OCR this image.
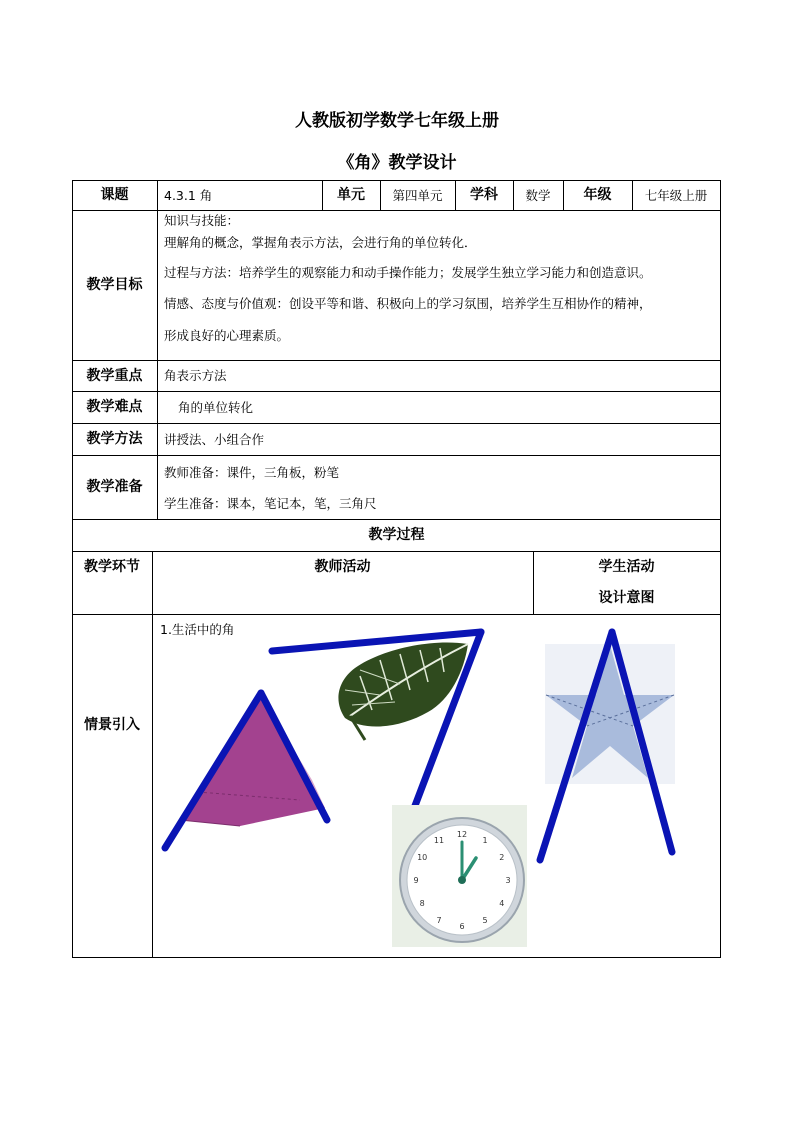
人教版初学数学七年级上册
《角》教学设计
课题	4.3.1 角	单元	第四单元	学科	数学	年级	七年级上册
教学目标

知识与技能：

理解角的概念，掌握角表示方法，会进行角的单位转化．

过程与方法：培养学生的观察能力和动手操作能力；发展学生独立学习能力和创造意识。

情感、态度与价值观：创设平等和谐、积极向上的学习氛围，培养学生互相协作的精神，

形成良好的心理素质。

教学重点	角表示方法
教学难点	角的单位转化
教学方法	讲授法、小组合作
教学准备
教师准备：课件，三角板，粉笔
学生准备：课本，笔记本，笔，三角尺
教学过程
教学环节	教师活动	学生活动
设计意图
情景引入
1.生活中的角
12
1
2
3
4
5
6
7
8
9
10
11
